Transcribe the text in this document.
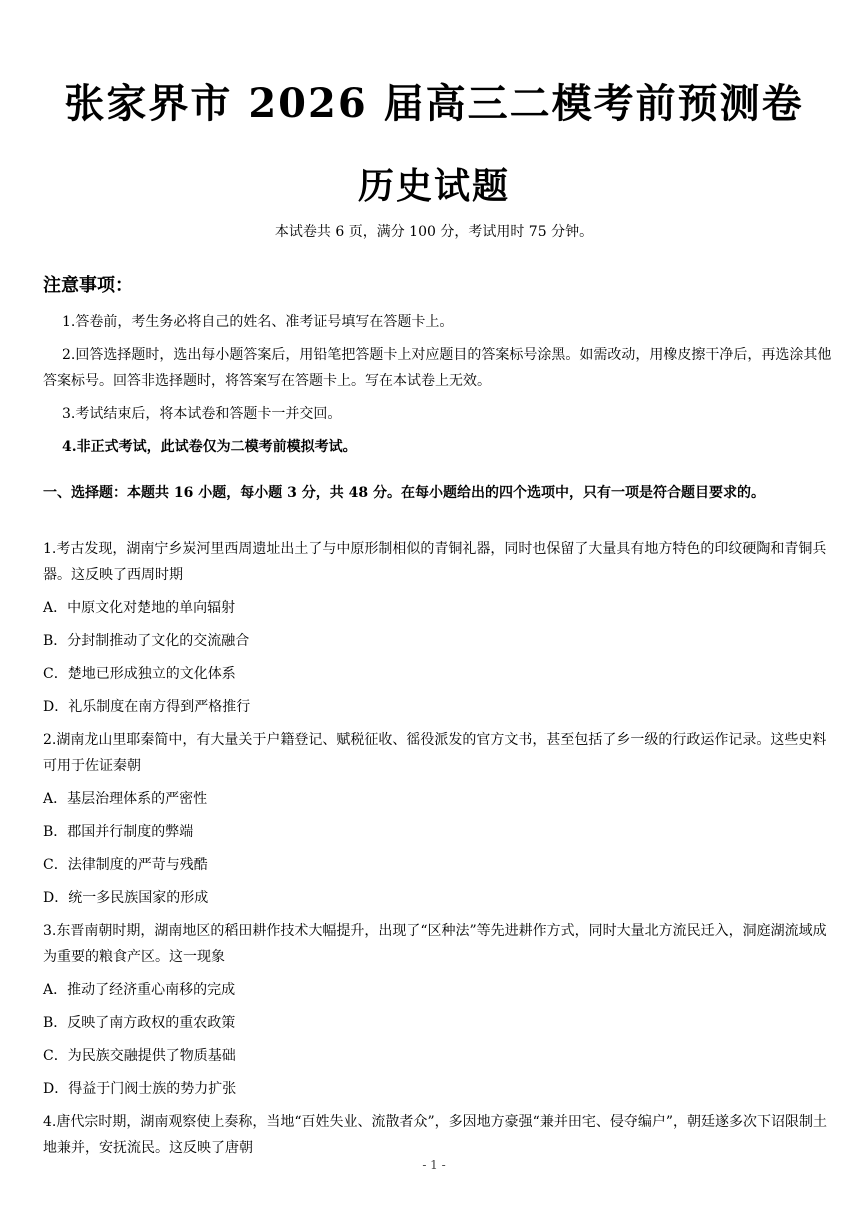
张家界市 2026 届高三二模考前预测卷
历史试题
本试卷共 6 页，满分 100 分，考试用时 75 分钟。
注意事项：
1.答卷前，考生务必将自己的姓名、准考证号填写在答题卡上。
2.回答选择题时，选出每小题答案后，用铅笔把答题卡上对应题目的答案标号涂黑。如需改动，用橡皮擦干净后，再选涂其他答案标号。回答非选择题时，将答案写在答题卡上。写在本试卷上无效。
3.考试结束后，将本试卷和答题卡一并交回。
4.非正式考试，此试卷仅为二模考前模拟考试。
一、选择题：本题共 16 小题，每小题 3 分，共 48 分。在每小题给出的四个选项中，只有一项是符合题目要求的。
1.考古发现，湖南宁乡炭河里西周遗址出土了与中原形制相似的青铜礼器，同时也保留了大量具有地方特色的印纹硬陶和青铜兵器。这反映了西周时期
A．中原文化对楚地的单向辐射
B．分封制推动了文化的交流融合
C．楚地已形成独立的文化体系
D．礼乐制度在南方得到严格推行
2.湖南龙山里耶秦简中，有大量关于户籍登记、赋税征收、徭役派发的官方文书，甚至包括了乡一级的行政运作记录。这些史料可用于佐证秦朝
A．基层治理体系的严密性
B．郡国并行制度的弊端
C．法律制度的严苛与残酷
D．统一多民族国家的形成
3.东晋南朝时期，湖南地区的稻田耕作技术大幅提升，出现了“区种法”等先进耕作方式，同时大量北方流民迁入，洞庭湖流域成为重要的粮食产区。这一现象
A．推动了经济重心南移的完成
B．反映了南方政权的重农政策
C．为民族交融提供了物质基础
D．得益于门阀士族的势力扩张
4.唐代宗时期，湖南观察使上奏称，当地“百姓失业、流散者众”，多因地方豪强“兼并田宅、侵夺编户”，朝廷遂多次下诏限制土地兼并，安抚流民。这反映了唐朝
- 1 -
